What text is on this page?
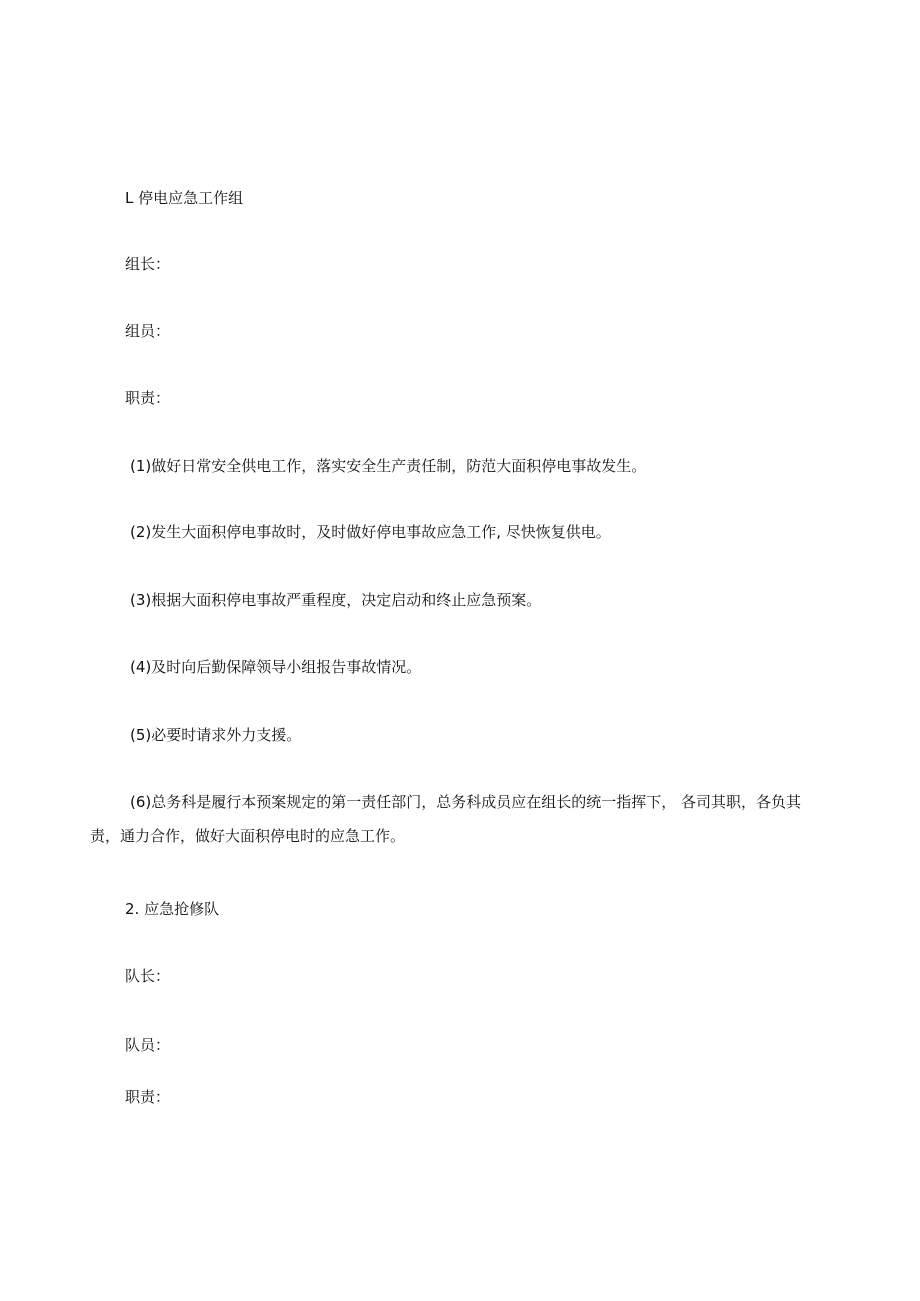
L 停电应急工作组
组长：
组员：
职责：
(1)做好日常安全供电工作，落实安全生产责任制，防范大面积停电事故发生。
(2)发生大面积停电事故时，及时做好停电事故应急工作, 尽快恢复供电。
(3)根据大面积停电事故严重程度，决定启动和终止应急预案。
(4)及时向后勤保障领导小组报告事故情况。
(5)必要时请求外力支援。
(6)总务科是履行本预案规定的第一责任部门，总务科成员应在组长的统一指挥下， 各司其职，各负其责，通力合作，做好大面积停电时的应急工作。
2. 应急抢修队
队长：
队员：
职责：
